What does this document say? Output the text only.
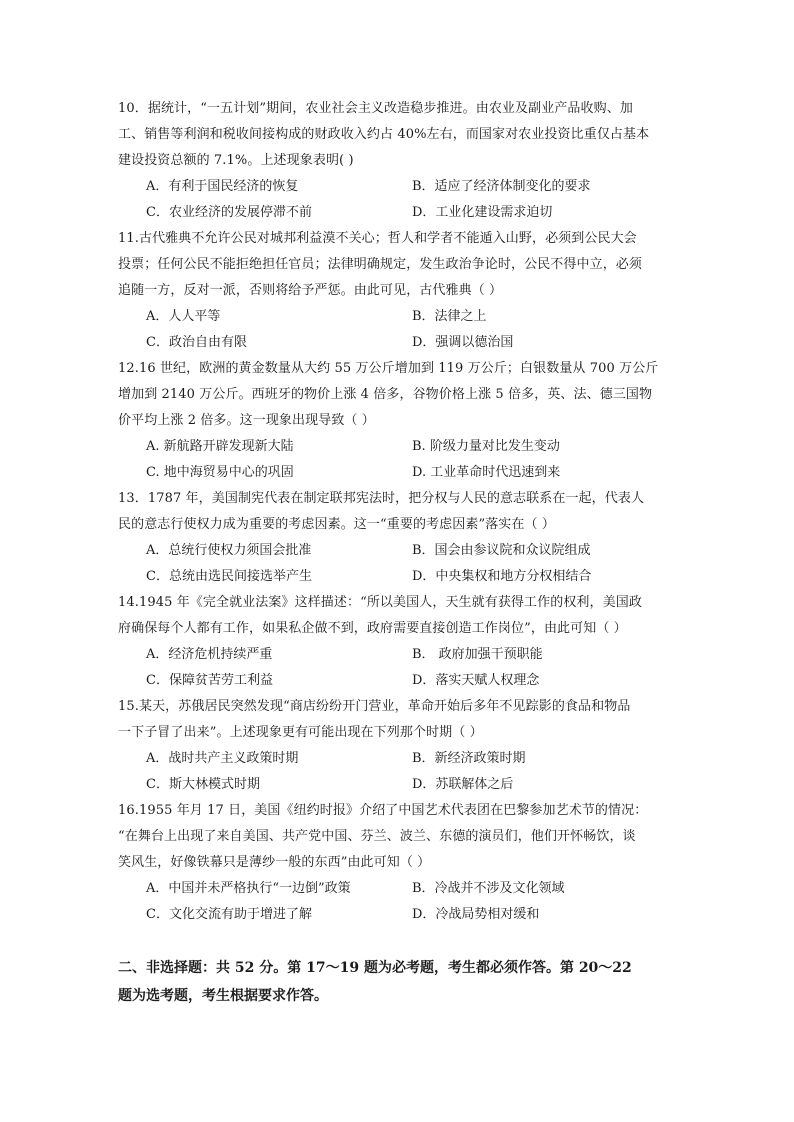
10．据统计，“一五计划”期间，农业社会主义改造稳步推进。由农业及副业产品收购、加
工、销售等利润和税收间接构成的财政收入约占 40%左右，而国家对农业投资比重仅占基本
建设投资总额的 7.1%。上述现象表明( )

A．有利于国民经济的恢复	B．适应了经济体制变化的要求
C．农业经济的发展停滞不前	D．工业化建设需求迫切

11.古代雅典不允许公民对城邦利益漠不关心；哲人和学者不能遁入山野，必须到公民大会
投票；任何公民不能拒绝担任官员；法律明确规定，发生政治争论时，公民不得中立，必须
追随一方，反对一派，否则将给予严惩。由此可见，古代雅典（ ）

A．人人平等	B．法律之上
C．政治自由有限	D．强调以德治国

12.16 世纪，欧洲的黄金数量从大约 55 万公斤增加到 119 万公斤；白银数量从 700 万公斤
增加到 2140 万公斤。西班牙的物价上涨 4 倍多，谷物价格上涨 5 倍多，英、法、德三国物
价平均上涨 2 倍多。这一现象出现导致（ ）

A. 新航路开辟发现新大陆	B. 阶级力量对比发生变动
C. 地中海贸易中心的巩固	D. 工业革命时代迅速到来

13．1787 年，美国制宪代表在制定联邦宪法时，把分权与人民的意志联系在一起，代表人
民的意志行使权力成为重要的考虑因素。这一“重要的考虑因素”落实在（ ）

A．总统行使权力须国会批准	B．国会由参议院和众议院组成
C．总统由选民间接选举产生	D．中央集权和地方分权相结合

14.1945 年《完全就业法案》这样描述：“所以美国人，天生就有获得工作的权利，美国政
府确保每个人都有工作，如果私企做不到，政府需要直接创造工作岗位”，由此可知（ ）

A．经济危机持续严重	B． 政府加强干预职能
C．保障贫苦劳工利益	D．落实天赋人权理念

15.某天，苏俄居民突然发现“商店纷纷开门营业，革命开始后多年不见踪影的食品和物品
一下子冒了出来”。上述现象更有可能出现在下列那个时期（ ）

A．战时共产主义政策时期	B．新经济政策时期
C．斯大林模式时期	D．苏联解体之后

16.1955 年月 17 日，美国《纽约时报》介绍了中国艺术代表团在巴黎参加艺术节的情况：
“在舞台上出现了来自美国、共产党中国、芬兰、波兰、东德的演员们，他们开怀畅饮，谈
笑风生，好像铁幕只是薄纱一般的东西”由此可知（ ）

A．中国并未严格执行“一边倒”政策	B．冷战并不涉及文化领域
C．文化交流有助于增进了解	D．冷战局势相对缓和
二、非选择题：共 52 分。第 17～19 题为必考题，考生都必须作答。第 20～22
题为选考题，考生根据要求作答。
